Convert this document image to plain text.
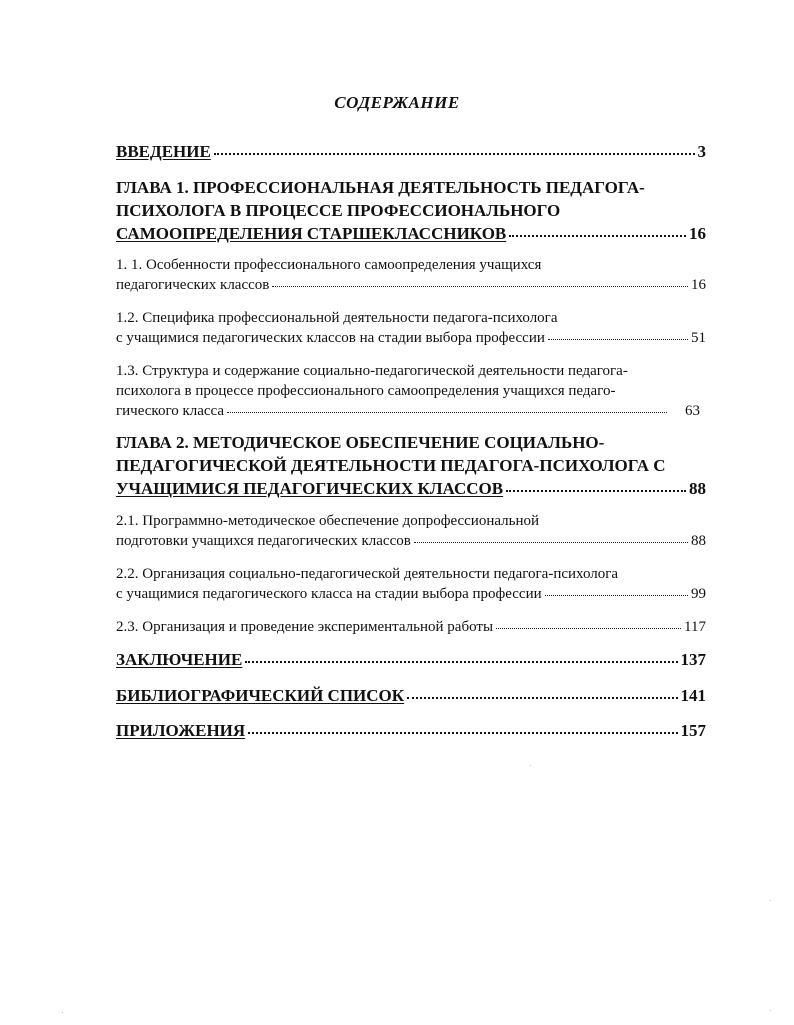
СОДЕРЖАНИЕ
ВВЕДЕНИЕ	3
ГЛАВА 1. ПРОФЕССИОНАЛЬНАЯ ДЕЯТЕЛЬНОСТЬ ПЕДАГОГА-
ПСИХОЛОГА В ПРОЦЕССЕ ПРОФЕССИОНАЛЬНОГО
САМООПРЕДЕЛЕНИЯ СТАРШЕКЛАССНИКОВ	16
1. 1. Особенности профессионального самоопределения учащихся
педагогических классов	16
1.2. Специфика профессиональной деятельности педагога-психолога
с учащимися педагогических классов на стадии выбора профессии	51
1.3. Структура и содержание социально-педагогической деятельности педагога-
психолога в процессе профессионального самоопределения учащихся педаго-
гического класса	63
ГЛАВА 2. МЕТОДИЧЕСКОЕ ОБЕСПЕЧЕНИЕ СОЦИАЛЬНО-
ПЕДАГОГИЧЕСКОЙ ДЕЯТЕЛЬНОСТИ ПЕДАГОГА-ПСИХОЛОГА С
УЧАЩИМИСЯ ПЕДАГОГИЧЕСКИХ КЛАССОВ	88
2.1. Программно-методическое обеспечение допрофессиональной
подготовки учащихся педагогических классов	88
2.2. Организация социально-педагогической деятельности педагога-психолога
с учащимися педагогического класса на стадии выбора профессии	99
2.3. Организация и проведение экспериментальной работы	117
ЗАКЛЮЧЕНИЕ	137
БИБЛИОГРАФИЧЕСКИЙ СПИСОК	141
ПРИЛОЖЕНИЯ	157
